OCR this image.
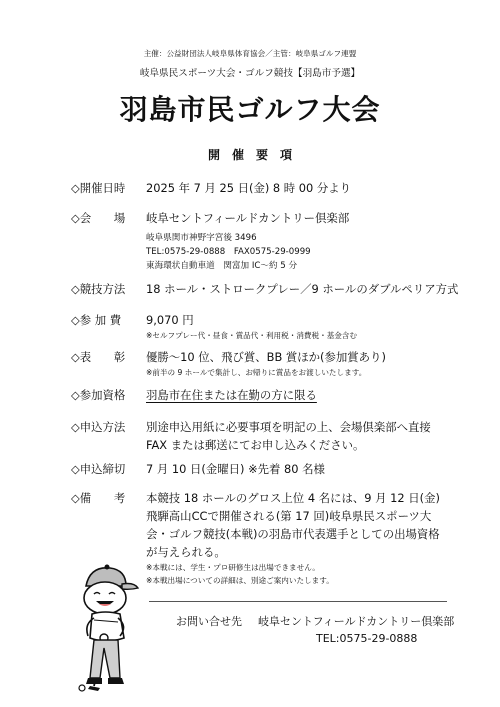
主催：公益財団法人岐阜県体育協会／主管：岐阜県ゴルフ連盟
岐阜県民スポーツ大会・ゴルフ競技【羽島市予選】
羽島市民ゴルフ大会
開催要項
◇開催日時 2025 年 7 月 25 日(金) 8 時 00 分より
◇会　　場 岐阜セントフィールドカントリー倶楽部
岐阜県関市神野字宮後 3496
TEL:0575-29-0888　FAX0575-29-0999
東海環状自動車道　関富加 IC～約 5 分
◇競技方法 18 ホール・ストロークプレー／9 ホールのダブルペリア方式
◇参 加 費 9,070 円
※セルフプレー代・昼食・賞品代・利用税・消費税・基金含む
◇表　　彰 優勝～10 位、飛び賞、BB 賞ほか(参加賞あり)
※前半の 9 ホールで集計し、お帰りに賞品をお渡しいたします。
◇参加資格 羽島市在住または在勤の方に限る
◇申込方法 別途申込用紙に必要事項を明記の上、会場倶楽部へ直接
FAX または郵送にてお申し込みください。
◇申込締切 7 月 10 日(金曜日) ※先着 80 名様
◇備　　考 本競技 18 ホールのグロス上位 4 名には、9 月 12 日(金)
飛騨高山CCで開催される(第 17 回)岐阜県民スポーツ大
会・ゴルフ競技(本戦)の羽島市代表選手としての出場資格
が与えられる。
※本戦には、学生・プロ研修生は出場できません。
※本戦出場についての詳細は、別途ご案内いたします。
お問い合せ先 岐阜セントフィールドカントリー倶楽部
TEL:0575-29-0888
